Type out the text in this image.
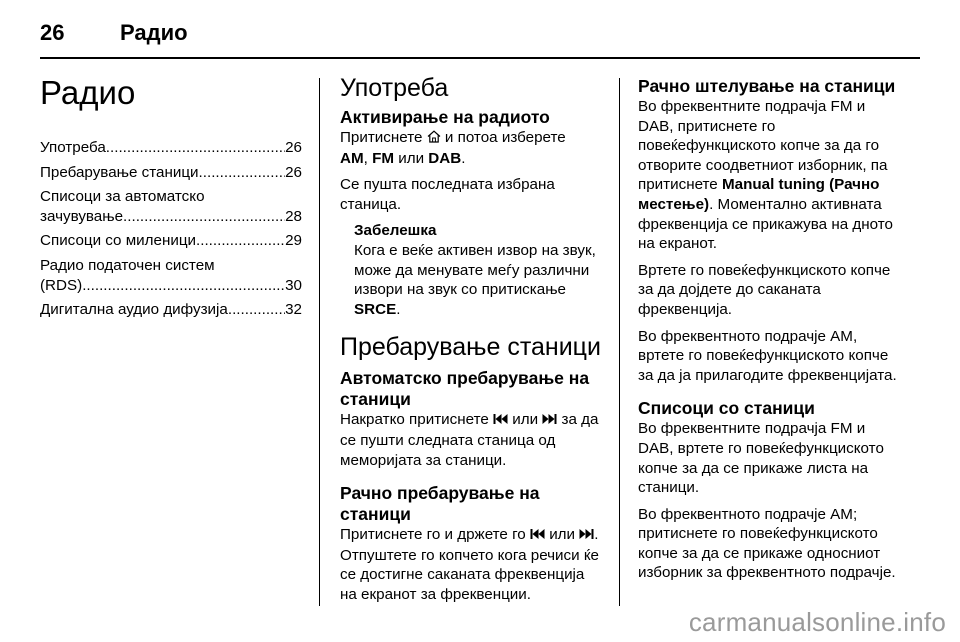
26	Радио
Радио
Употреба .....	26
Пребарување станици .....	26
Списоци за автоматско
зачувување .....	28
Списоци со миленици .....	29
Радио податочен систем
(RDS) .....	30
Дигитална аудио дифузија .....	32
Употреба
Активирање на радиото

Притиснете  и потоа изберете
AM, FM или DAB.

Се пушта последната избрана станица.

Забелешка

Кога е веќе активен извор на звук, може да менувате меѓу различни извори на звук со притискање SRCE.

Пребарување станици
Автоматско пребарување на станици

Накратко притиснете  или  за да се пушти следната станица од меморијата за станици.

Рачно пребарување на станици

Притиснете го и држете го  или . Отпуштете го копчето кога речиси ќе се достигне саканата фреквенција на екранот за фреквенции.

Рачно штелување на станици

Во фреквентните подрачја FM и DAB, притиснете го повеќефункциското копче за да го отворите соодветниот изборник, па притиснете Manual tuning (Рачно местење). Моментално активната фреквенција се прикажува на дното на екранот.

Вртете го повеќефункциското копче за да дојдете до саканата фреквенција.

Во фреквентното подрачје AM, вртете го повеќефункциското копче за да ја прилагодите фреквенцијата.

Списоци со станици

Во фреквентните подрачја FM и DAB, вртете го повеќефункциското копче за да се прикаже листа на станици.

Во фреквентното подрачје AM; притиснете го повеќефункциското копче за да се прикаже односниот изборник за фреквентното подрачје.

carmanualsonline.info
